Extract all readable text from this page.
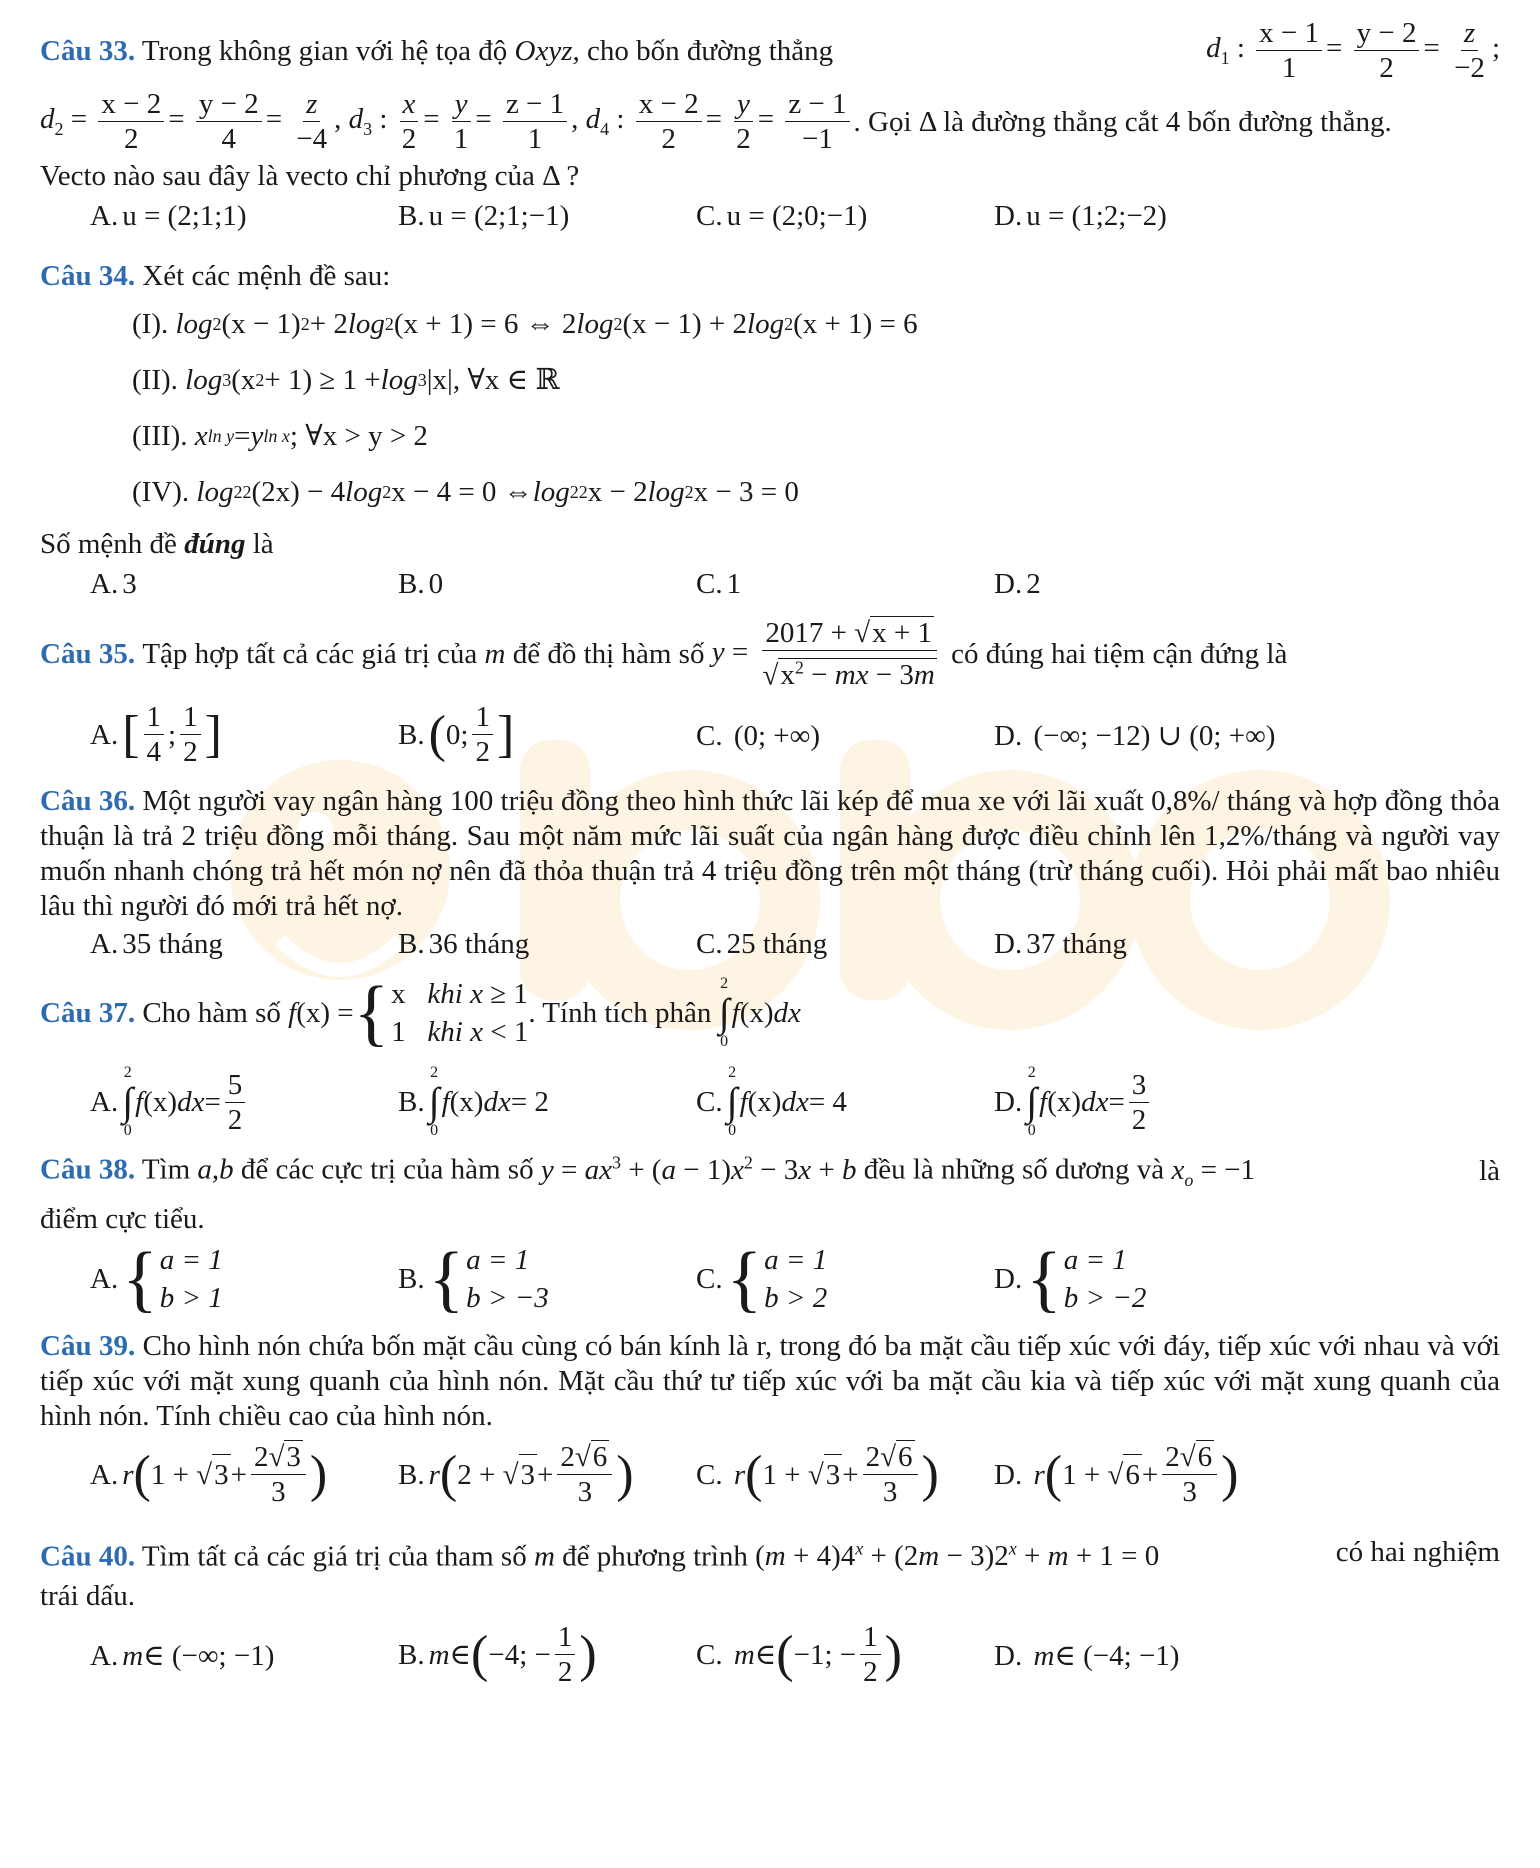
Câu 33. Trong không gian với hệ tọa độ Oxyz, cho bốn đường thẳng	$d_1$ : $\frac{x - 1}{1} = \frac{y - 2}{2} = \frac{z}{-2}$ ;
$d_2 = \frac{x - 2}{2} = \frac{y - 2}{4} = \frac{z}{-4}$ ,
$d_3$ : $\frac{x}{2} = \frac{y}{1} = \frac{z - 1}{1}$ ,
$d_4$ : $\frac{x - 2}{2} = \frac{y}{2} = \frac{z - 1}{-1}$ . Gọi Δ là đường thẳng cắt 4 bốn đường thẳng.
Vecto nào sau đây là vecto chỉ phương của Δ ?
A. u = (2;1;1)	B. u = (2;1;−1)	C. u = (2;0;−1)	D. u = (1;2;−2)
Câu 34. Xét các mệnh đề sau:
(I).
log 2 (x − 1) 2 + 2 log 2 (x + 1) = 6 ⇔ 2 log 2 (x − 1) + 2 log 2 (x + 1) = 6
(II).
log 3 (x 2 + 1) ≥ 1 + log 3 |x|, ∀x ∈ ℝ
(III).
x ln y = y ln x ; ∀x > y > 2
(IV).
log 2 2 (2x) − 4 log 2 x − 4 = 0 ⇔ log 2 2 x − 2 log 2 x − 3 = 0
Số mệnh đề đúng là
A. 3	B. 0	C. 1	D. 2
Câu 35.
Tập hợp tất cả các giá trị của
m
để đồ thị hàm số
$y = \frac{2017 + √x + 1}{√x^2 - mx - 3m}$
có đúng hai tiệm cận đứng là
A. [ $\frac{1}{4}$ ; $\frac{1}{2}$ ]	B. ( 0; $\frac{1}{2}$ ]	C. (0; +∞)	D. (−∞; −12) ∪ (0; +∞)
Câu 36. Một người vay ngân hàng 100 triệu đồng theo hình thức lãi kép để mua xe với lãi xuất 0,8%/ tháng và hợp đồng thỏa thuận là trả 2 triệu đồng mỗi tháng. Sau một năm mức lãi suất của ngân hàng được điều chỉnh lên 1,2%/tháng và người vay muốn nhanh chóng trả hết món nợ nên đã thỏa thuận trả 4 triệu đồng trên một tháng (trừ tháng cuối). Hỏi phải mất bao nhiêu lâu thì người đó mới trả hết nợ.
A. 35 tháng	B. 36 tháng	C. 25 tháng	D. 37 tháng
Câu 37.
Cho hàm số
f (x) = { x   khi x ≥ 1
1   khi x < 1
. Tính tích phân

2
∫
0
f (x) dx
A.
2
∫
0
f (x) dx = $\frac{5}{2}$	B.
2
∫
0
f (x) dx = 2	C.
2
∫
0
f (x) dx = 4	D.
2
∫
0
f (x) dx = $\frac{3}{2}$
Câu 38. Tìm a,b để các cực trị của hàm số $y = ax^3 + (a - 1)x^2 - 3x + b$ đều là những số dương và $x_o = -1$	là
điểm cực tiểu.
A. { a = 1
b > 1
B. { a = 1
b > −3
C. { a = 1
b > 2
D. { a = 1
b > −2
Câu 39. Cho hình nón chứa bốn mặt cầu cùng có bán kính là r, trong đó ba mặt cầu tiếp xúc với đáy, tiếp xúc với nhau và với tiếp xúc với mặt xung quanh của hình nón. Mặt cầu thứ tư tiếp xúc với ba mặt cầu kia và tiếp xúc với mặt xung quanh của hình nón. Tính chiều cao của hình nón.
A. r ( 1 + √ $3 + \frac{2√3}{3}$ ) B. r ( 2 + √ $3 + \frac{2√6}{3}$ ) C.
r ( 1 + √ $3 + \frac{2√6}{3}$ ) D.
r ( 1 + √ $6 + \frac{2√6}{3}$ )
Câu 40. Tìm tất cả các giá trị của tham số m để phương trình $(m + 4)4^x + (2m - 3)2^x + m + 1 = 0$	có hai nghiệm
trái dấu.
A. m ∈ (−∞; −1)	B. m ∈ ( −4; − $\frac{1}{2}$ )	C.
m ∈ ( −1; − $\frac{1}{2}$ )	D.
m ∈ (−4; −1)
